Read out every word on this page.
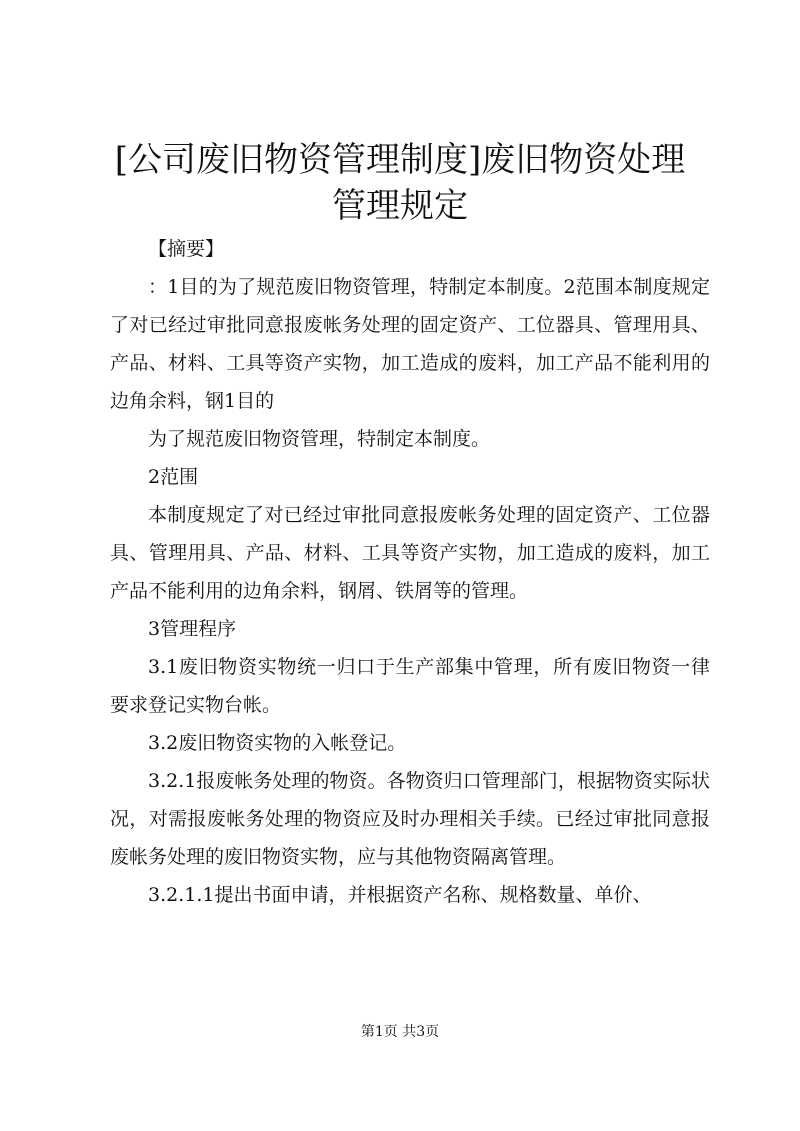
[公司废旧物资管理制度]废旧物资处理管理规定

【摘要】

：1目的为了规范废旧物资管理，特制定本制度。2范围本制度规定了对已经过审批同意报废帐务处理的固定资产、工位器具、管理用具、产品、材料、工具等资产实物，加工造成的废料，加工产品不能利用的边角余料，钢1目的

为了规范废旧物资管理，特制定本制度。

2范围

本制度规定了对已经过审批同意报废帐务处理的固定资产、工位器具、管理用具、产品、材料、工具等资产实物，加工造成的废料，加工产品不能利用的边角余料，钢屑、铁屑等的管理。

3管理程序

3.1废旧物资实物统一归口于生产部集中管理，所有废旧物资一律要求登记实物台帐。

3.2废旧物资实物的入帐登记。

3.2.1报废帐务处理的物资。各物资归口管理部门，根据物资实际状况，对需报废帐务处理的物资应及时办理相关手续。已经过审批同意报废帐务处理的废旧物资实物，应与其他物资隔离管理。

3.2.1.1提出书面申请，并根据资产名称、规格数量、单价、

第1页 共3页
